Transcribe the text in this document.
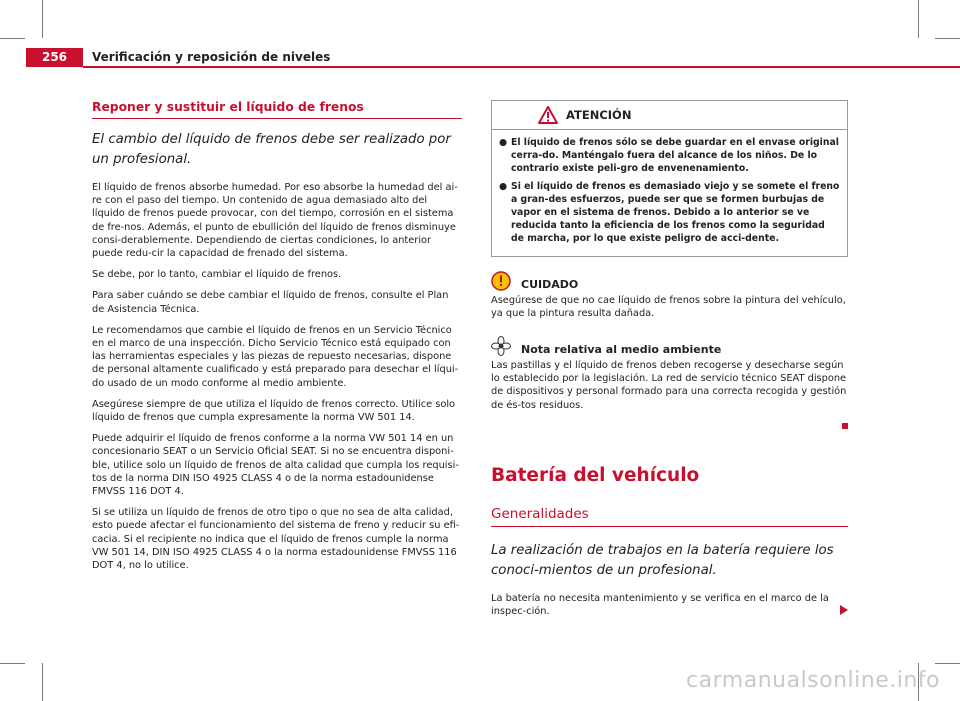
256	Verificación y reposición de niveles
Reponer y sustituir el líquido de frenos
El cambio del líquido de frenos debe ser realizado por un profesional.

El líquido de frenos absorbe humedad. Por eso absorbe la humedad del ai-re con el paso del tiempo. Un contenido de agua demasiado alto del líquido de frenos puede provocar, con del tiempo, corrosión en el sistema de fre-nos. Además, el punto de ebullición del líquido de frenos disminuye consi-derablemente. Dependiendo de ciertas condiciones, lo anterior puede redu-cir la capacidad de frenado del sistema.

Se debe, por lo tanto, cambiar el líquido de frenos.

Para saber cuándo se debe cambiar el líquido de frenos, consulte el Plan de Asistencia Técnica.

Le recomendamos que cambie el líquido de frenos en un Servicio Técnico en el marco de una inspección. Dicho Servicio Técnico está equipado con las herramientas especiales y las piezas de repuesto necesarias, dispone de personal altamente cualificado y está preparado para desechar el líqui-do usado de un modo conforme al medio ambiente.

Asegúrese siempre de que utiliza el líquido de frenos correcto. Utilice solo líquido de frenos que cumpla expresamente la norma VW 501 14.

Puede adquirir el líquido de frenos conforme a la norma VW 501 14 en un concesionario SEAT o un Servicio Oficial SEAT. Si no se encuentra disponi-ble, utilice solo un líquido de frenos de alta calidad que cumpla los requisi-tos de la norma DIN ISO 4925 CLASS 4 o de la norma estadounidense FMVSS 116 DOT 4.

Si se utiliza un líquido de frenos de otro tipo o que no sea de alta calidad, esto puede afectar el funcionamiento del sistema de freno y reducir su efi-cacia. Si el recipiente no indica que el líquido de frenos cumple la norma VW 501 14, DIN ISO 4925 CLASS 4 o la norma estadounidense FMVSS 116 DOT 4, no lo utilice.

ATENCIÓN
● El líquido de frenos sólo se debe guardar en el envase original cerra-do. Manténgalo fuera del alcance de los niños. De lo contrario existe peli-gro de envenenamiento.
● Si el líquido de frenos es demasiado viejo y se somete el freno a gran-des esfuerzos, puede ser que se formen burbujas de vapor en el sistema de frenos. Debido a lo anterior se ve reducida tanto la eficiencia de los frenos como la seguridad de marcha, por lo que existe peligro de acci-dente.
CUIDADO

Asegúrese de que no cae líquido de frenos sobre la pintura del vehículo, ya que la pintura resulta dañada.

Nota relativa al medio ambiente

Las pastillas y el líquido de frenos deben recogerse y desecharse según lo establecido por la legislación. La red de servicio técnico SEAT dispone de dispositivos y personal formado para una correcta recogida y gestión de és-tos residuos.

Batería del vehículo
Generalidades
La realización de trabajos en la batería requiere los conoci-mientos de un profesional.

La batería no necesita mantenimiento y se verifica en el marco de la inspec-ción.

carmanualsonline.info
